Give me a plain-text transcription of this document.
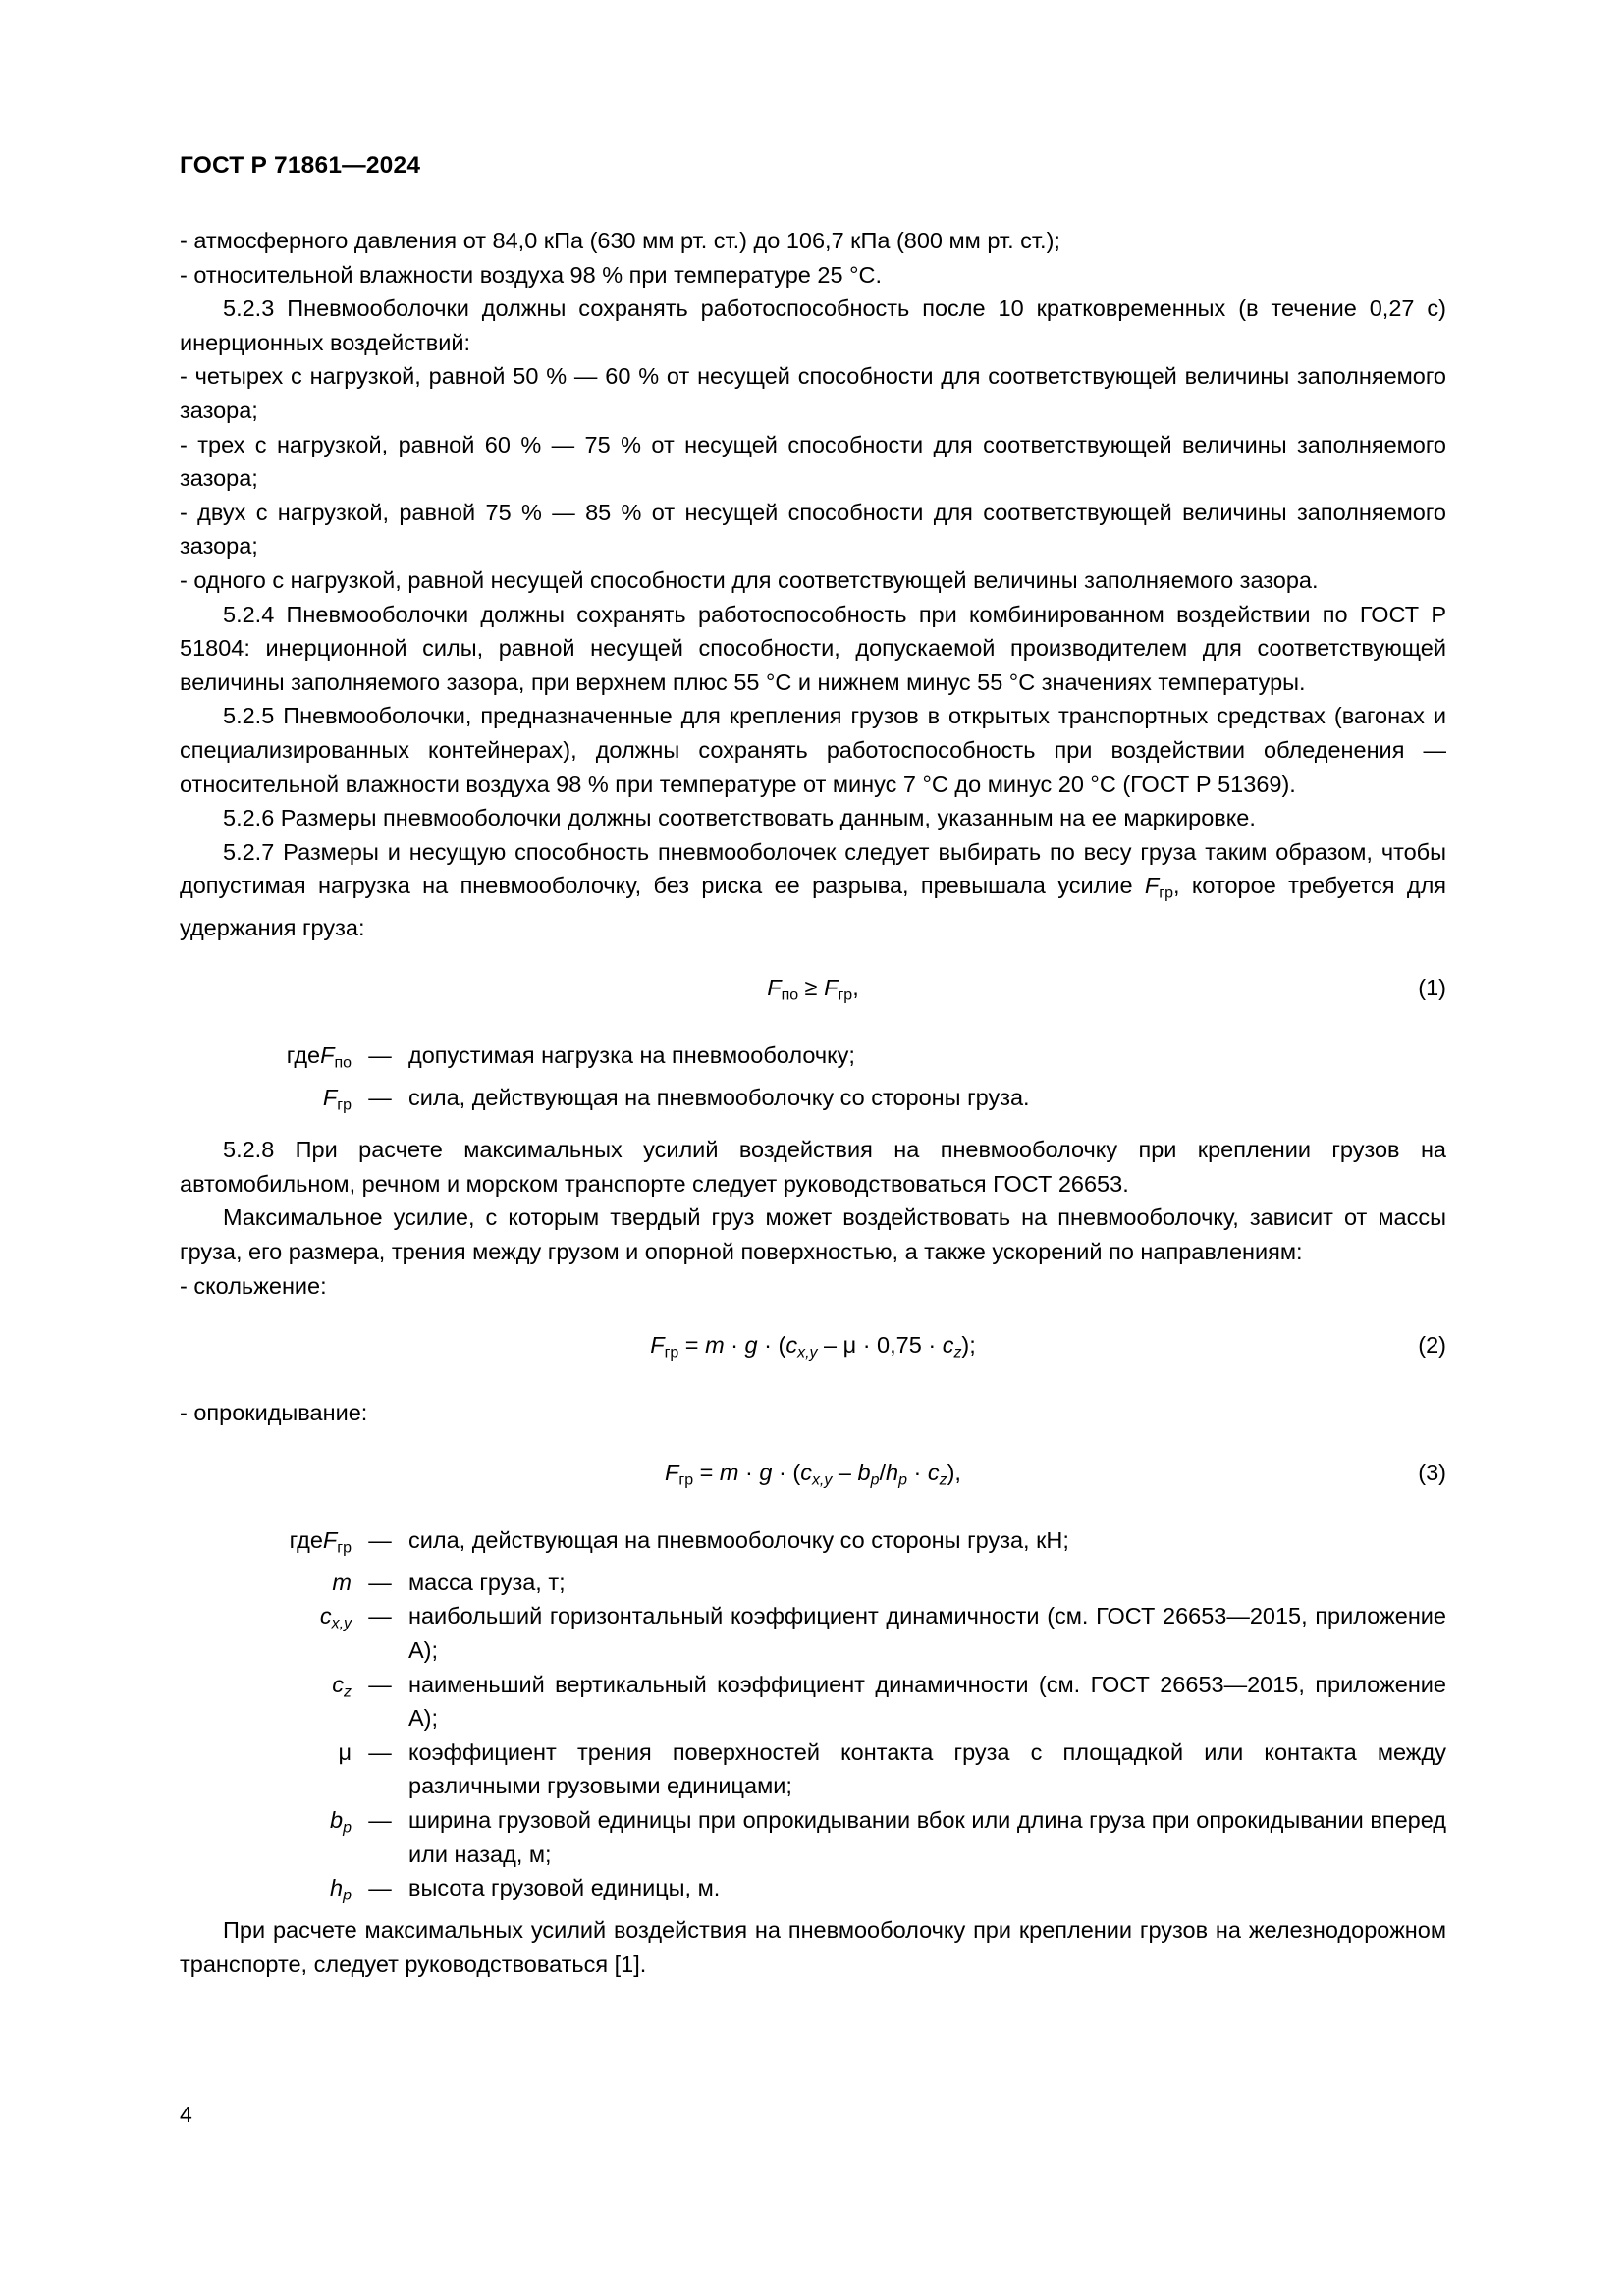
ГОСТ Р 71861—2024

- атмосферного давления от 84,0 кПа (630 мм рт. ст.) до 106,7 кПа (800 мм рт. ст.);

- относительной влажности воздуха 98 % при температуре 25 °С.

5.2.3 Пневмооболочки должны сохранять работоспособность после 10 кратковременных (в течение 0,27 с) инерционных воздействий:

- четырех с нагрузкой, равной 50 % — 60 % от несущей способности для соответствующей величины заполняемого зазора;

- трех с нагрузкой, равной 60 % — 75 % от несущей способности для соответствующей величины заполняемого зазора;

- двух с нагрузкой, равной 75 % — 85 % от несущей способности для соответствующей величины заполняемого зазора;

- одного с нагрузкой, равной несущей способности для соответствующей величины заполняемого зазора.

5.2.4 Пневмооболочки должны сохранять работоспособность при комбинированном воздействии по ГОСТ Р 51804: инерционной силы, равной несущей способности, допускаемой производителем для соответствующей величины заполняемого зазора, при верхнем плюс 55 °С и нижнем минус 55 °С значениях температуры.

5.2.5 Пневмооболочки, предназначенные для крепления грузов в открытых транспортных средствах (вагонах и специализированных контейнерах), должны сохранять работоспособность при воздействии обледенения — относительной влажности воздуха 98 % при температуре от минус 7 °С до минус 20 °С (ГОСТ Р 51369).

5.2.6 Размеры пневмооболочки должны соответствовать данным, указанным на ее маркировке.

5.2.7 Размеры и несущую способность пневмооболочек следует выбирать по весу груза таким образом, чтобы допустимая нагрузка на пневмооболочку, без риска ее разрыва, превышала усилие $F_{гр}$, которое требуется для удержания груза:

$F_{по} \ge F_{гр}$,	(1)
гдеF$_{по}$ — допустимая нагрузка на пневмооболочку;
$F_{гр}$ — сила, действующая на пневмооболочку со стороны груза.

5.2.8 При расчете максимальных усилий воздействия на пневмооболочку при креплении грузов на автомобильном, речном и морском транспорте следует руководствоваться ГОСТ 26653.

Максимальное усилие, с которым твердый груз может воздействовать на пневмооболочку, зависит от массы груза, его размера, трения между грузом и опорной поверхностью, а также ускорений по направлениям:

- скольжение:

$F_{гр} = m \cdot g \cdot (c_{x,y} - \mu \cdot 0,75 \cdot c_z)$;	(2)

- опрокидывание:

$F_{гр} = m \cdot g \cdot (c_{x,y} - b_p/h_p \cdot c_z)$,	(3)
гдеF$_{гр}$ — сила, действующая на пневмооболочку со стороны груза, кН;
m — масса груза, т;
$c_{x,y}$ — наибольший горизонтальный коэффициент динамичности (см. ГОСТ 26653—2015, приложение А);
$c_z$ — наименьший вертикальный коэффициент динамичности (см. ГОСТ 26653—2015, приложение А);
μ — коэффициент трения поверхностей контакта груза с площадкой или контакта между различными грузовыми единицами;
$b_p$ — ширина грузовой единицы при опрокидывании вбок или длина груза при опрокидывании вперед или назад, м;
$h_p$ — высота грузовой единицы, м.

При расчете максимальных усилий воздействия на пневмооболочку при креплении грузов на железнодорожном транспорте, следует руководствоваться [1].

4
